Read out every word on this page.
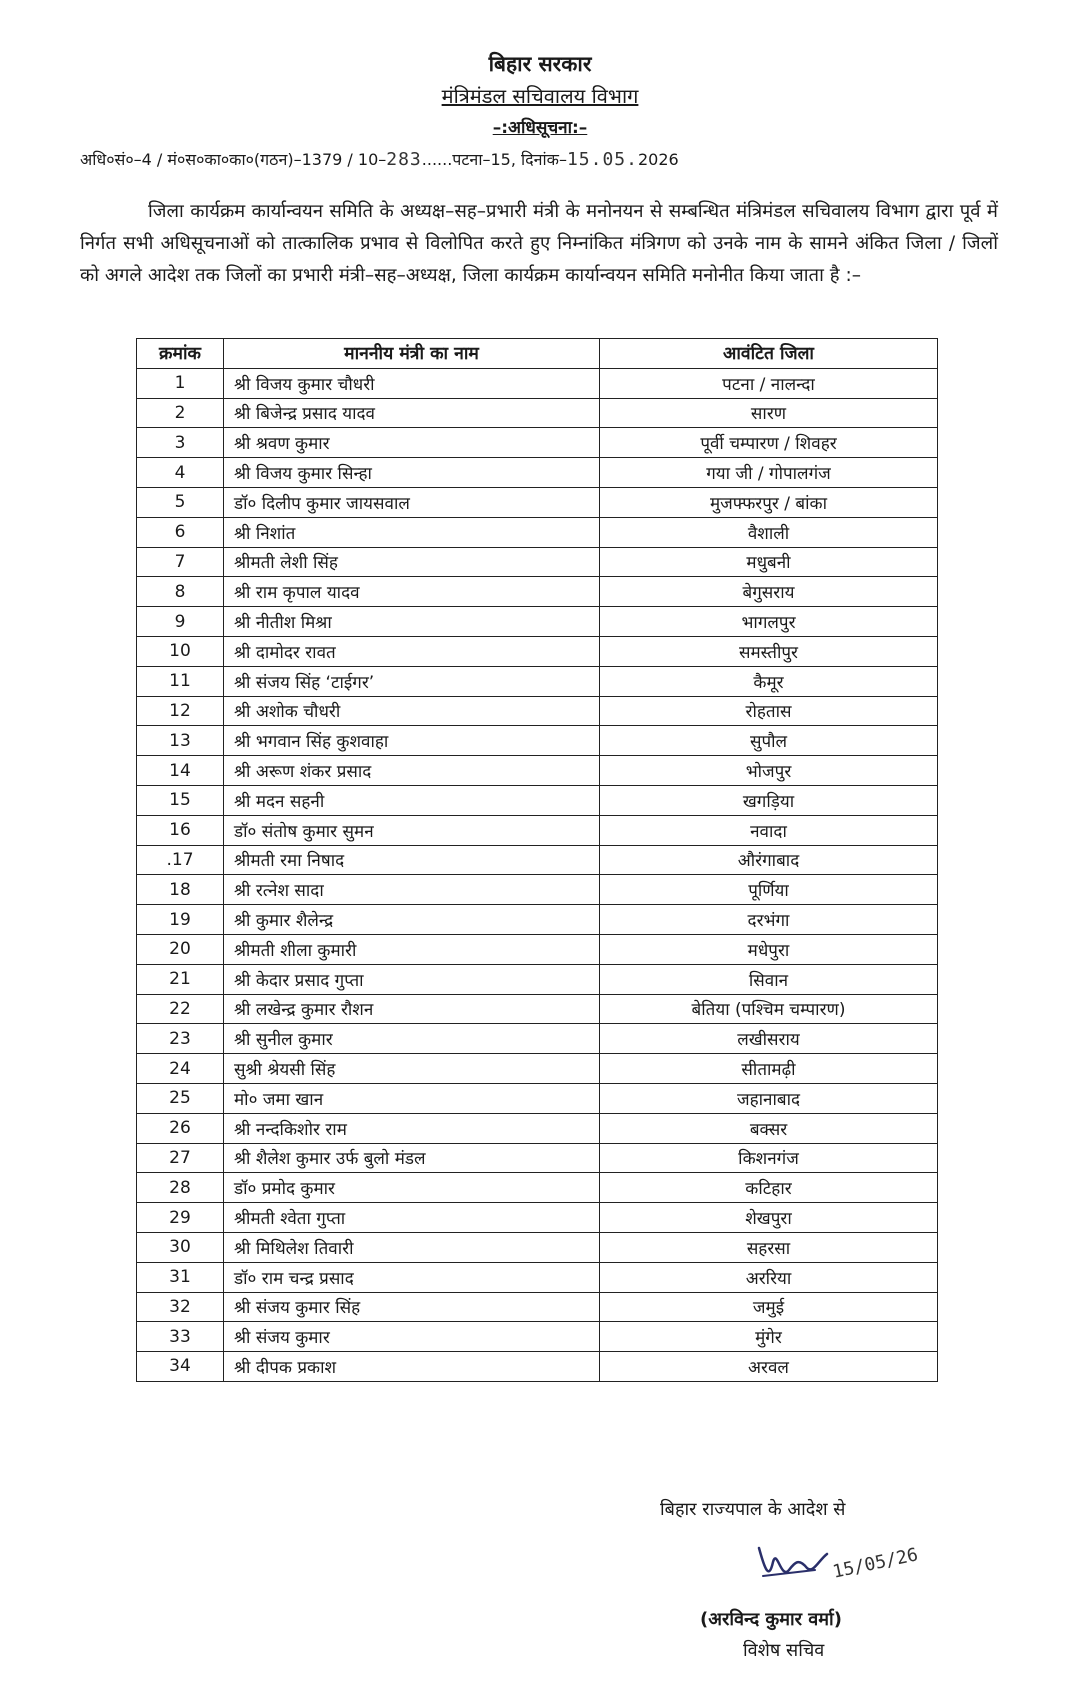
बिहार सरकार
मंत्रिमंडल सचिवालय विभाग
–:अधिसूचना:–
अधि०सं०–4 / मं०स०का०का०(गठन)–1379 / 10–283......पटना–15, दिनांक–15.05.2026

जिला कार्यक्रम कार्यान्वयन समिति के अध्यक्ष–सह–प्रभारी मंत्री के मनोनयन से सम्बन्धित मंत्रिमंडल सचिवालय विभाग द्वारा पूर्व में निर्गत सभी अधिसूचनाओं को तात्कालिक प्रभाव से विलोपित करते हुए निम्नांकित मंत्रिगण को उनके नाम के सामने अंकित जिला / जिलों को अगले आदेश तक जिलों का प्रभारी मंत्री–सह–अध्यक्ष, जिला कार्यक्रम कार्यान्वयन समिति मनोनीत किया जाता है :–

क्रमांक	माननीय मंत्री का नाम	आवंटित जिला
1	श्री विजय कुमार चौधरी	पटना / नालन्दा
2	श्री बिजेन्द्र प्रसाद यादव	सारण
3	श्री श्रवण कुमार	पूर्वी चम्पारण / शिवहर
4	श्री विजय कुमार सिन्हा	गया जी / गोपालगंज
5	डॉ० दिलीप कुमार जायसवाल	मुजफ्फरपुर / बांका
6	श्री निशांत	वैशाली
7	श्रीमती लेशी सिंह	मधुबनी
8	श्री राम कृपाल यादव	बेगुसराय
9	श्री नीतीश मिश्रा	भागलपुर
10	श्री दामोदर रावत	समस्तीपुर
11	श्री संजय सिंह ‘टाईगर’	कैमूर
12	श्री अशोक चौधरी	रोहतास
13	श्री भगवान सिंह कुशवाहा	सुपौल
14	श्री अरूण शंकर प्रसाद	भोजपुर
15	श्री मदन सहनी	खगड़िया
16	डॉ० संतोष कुमार सुमन	नवादा
.17	श्रीमती रमा निषाद	औरंगाबाद
18	श्री रत्नेश सादा	पूर्णिया
19	श्री कुमार शैलेन्द्र	दरभंगा
20	श्रीमती शीला कुमारी	मधेपुरा
21	श्री केदार प्रसाद गुप्ता	सिवान
22	श्री लखेन्द्र कुमार रौशन	बेतिया (पश्चिम चम्पारण)
23	श्री सुनील कुमार	लखीसराय
24	सुश्री श्रेयसी सिंह	सीतामढ़ी
25	मो० जमा खान	जहानाबाद
26	श्री नन्दकिशोर राम	बक्सर
27	श्री शैलेश कुमार उर्फ बुलो मंडल	किशनगंज
28	डॉ० प्रमोद कुमार	कटिहार
29	श्रीमती श्वेता गुप्ता	शेखपुरा
30	श्री मिथिलेश तिवारी	सहरसा
31	डॉ० राम चन्द्र प्रसाद	अररिया
32	श्री संजय कुमार सिंह	जमुई
33	श्री संजय कुमार	मुंगेर
34	श्री दीपक प्रकाश	अरवल
बिहार राज्यपाल के आदेश से
15/05/26
(अरविन्द कुमार वर्मा)
विशेष सचिव
